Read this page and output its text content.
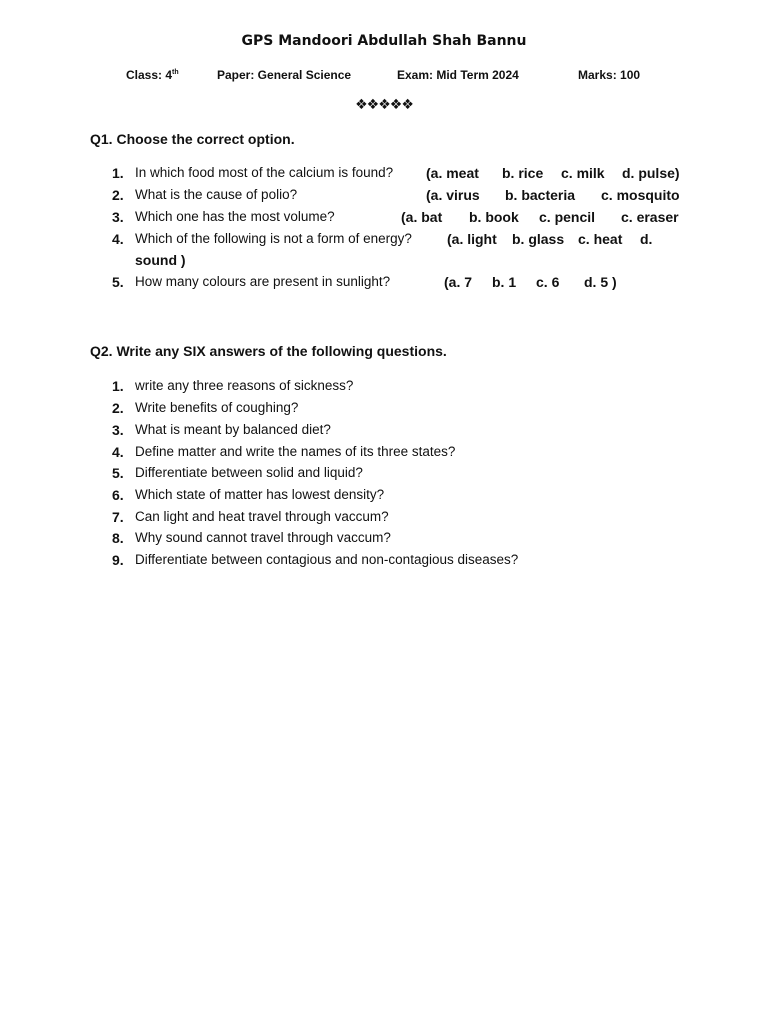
GPS Mandoori Abdullah Shah Bannu
Class: 4th	Paper: General Science	Exam: Mid Term 2024	Marks: 100
❖❖❖❖❖
Q1. Choose the correct option.
1. In which food most of the calcium is found? (a. meat b. rice c. milk d. pulse)
2. What is the cause of polio?	(a. virus b. bacteria c. mosquito
3. Which one has the most volume?	(a. bat b. book c. pencil c. eraser
4. Which of the following is not a form of energy?	(a. light b. glass c. heat d.
sound )
5. How many colours are present in sunlight?	(a. 7 b. 1 c. 6 d. 5 )
Q2. Write any SIX answers of the following questions.
1. write any three reasons of sickness?
2. Write benefits of coughing?
3. What is meant by balanced diet?
4. Define matter and write the names of its three states?
5. Differentiate between solid and liquid?
6. Which state of matter has lowest density?
7. Can light and heat travel through vaccum?
8. Why sound cannot travel through vaccum?
9. Differentiate between contagious and non-contagious diseases?
